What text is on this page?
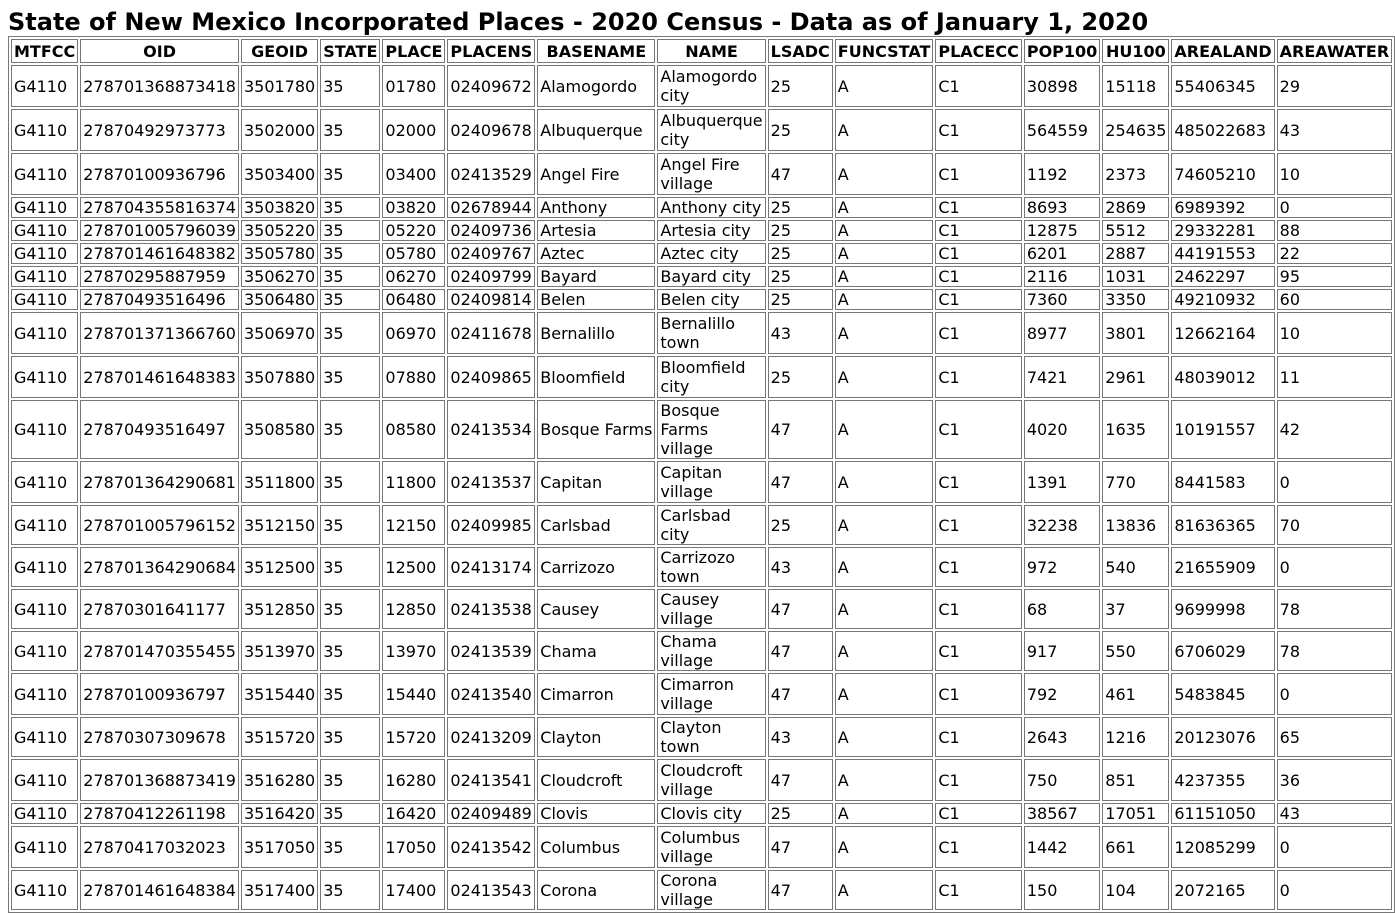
State of New Mexico Incorporated Places - 2020 Census - Data as of January 1, 2020
MTFCC	OID	GEOID	STATE	PLACE	PLACENS	BASENAME	NAME	LSADC	FUNCSTAT	PLACECC	POP100	HU100	AREALAND	AREAWATER
G4110	278701368873418	3501780	35	01780	02409672	Alamogordo	Alamogordo city	25	A	C1	30898	15118	55406345	29
G4110	27870492973773	3502000	35	02000	02409678	Albuquerque	Albuquerque city	25	A	C1	564559	254635	485022683	43
G4110	27870100936796	3503400	35	03400	02413529	Angel Fire	Angel Fire village	47	A	C1	1192	2373	74605210	10
G4110	278704355816374	3503820	35	03820	02678944	Anthony	Anthony city	25	A	C1	8693	2869	6989392	0
G4110	278701005796039	3505220	35	05220	02409736	Artesia	Artesia city	25	A	C1	12875	5512	29332281	88
G4110	278701461648382	3505780	35	05780	02409767	Aztec	Aztec city	25	A	C1	6201	2887	44191553	22
G4110	27870295887959	3506270	35	06270	02409799	Bayard	Bayard city	25	A	C1	2116	1031	2462297	95
G4110	27870493516496	3506480	35	06480	02409814	Belen	Belen city	25	A	C1	7360	3350	49210932	60
G4110	278701371366760	3506970	35	06970	02411678	Bernalillo	Bernalillo town	43	A	C1	8977	3801	12662164	10
G4110	278701461648383	3507880	35	07880	02409865	Bloomfield	Bloomfield city	25	A	C1	7421	2961	48039012	11
G4110	27870493516497	3508580	35	08580	02413534	Bosque Farms	Bosque Farms village	47	A	C1	4020	1635	10191557	42
G4110	278701364290681	3511800	35	11800	02413537	Capitan	Capitan village	47	A	C1	1391	770	8441583	0
G4110	278701005796152	3512150	35	12150	02409985	Carlsbad	Carlsbad city	25	A	C1	32238	13836	81636365	70
G4110	278701364290684	3512500	35	12500	02413174	Carrizozo	Carrizozo town	43	A	C1	972	540	21655909	0
G4110	27870301641177	3512850	35	12850	02413538	Causey	Causey village	47	A	C1	68	37	9699998	78
G4110	278701470355455	3513970	35	13970	02413539	Chama	Chama village	47	A	C1	917	550	6706029	78
G4110	27870100936797	3515440	35	15440	02413540	Cimarron	Cimarron village	47	A	C1	792	461	5483845	0
G4110	27870307309678	3515720	35	15720	02413209	Clayton	Clayton town	43	A	C1	2643	1216	20123076	65
G4110	278701368873419	3516280	35	16280	02413541	Cloudcroft	Cloudcroft village	47	A	C1	750	851	4237355	36
G4110	27870412261198	3516420	35	16420	02409489	Clovis	Clovis city	25	A	C1	38567	17051	61151050	43
G4110	27870417032023	3517050	35	17050	02413542	Columbus	Columbus village	47	A	C1	1442	661	12085299	0
G4110	278701461648384	3517400	35	17400	02413543	Corona	Corona village	47	A	C1	150	104	2072165	0
